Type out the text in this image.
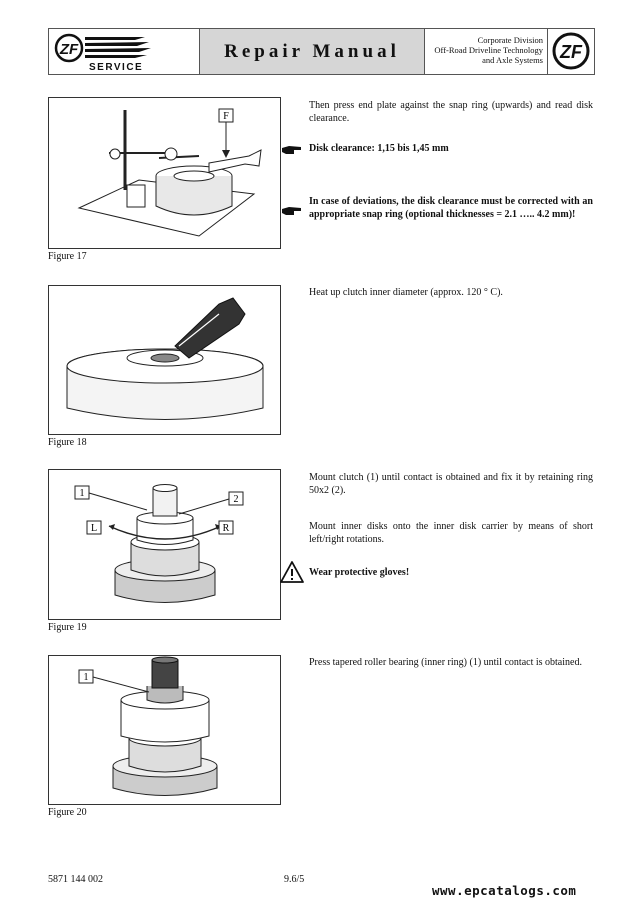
ZF
SERVICE
Repair Manual
Corporate Division
Off-Road Driveline Technology
and Axle Systems ZF
F
Figure 17
Then press end plate against the snap ring (upwards) and read disk clearance.
Disk clearance: 1,15 bis 1,45 mm
In case of deviations, the disk clearance must be corrected with an appropriate snap ring (optional thicknesses = 2.1 ….. 4.2 mm)!
Figure 18
Heat up clutch inner diameter (approx. 120 ° C).
1
2
L	R
Figure 19
Mount clutch (1) until contact is obtained and fix it by retaining ring 50x2 (2).
Mount inner disks onto the inner disk carrier by means of short left/right rotations.
Wear protective gloves!
1
Figure 20
Press tapered roller bearing (inner ring) (1) until contact is obtained.
5871 144 002	9.6/5
www.epcatalogs.com
